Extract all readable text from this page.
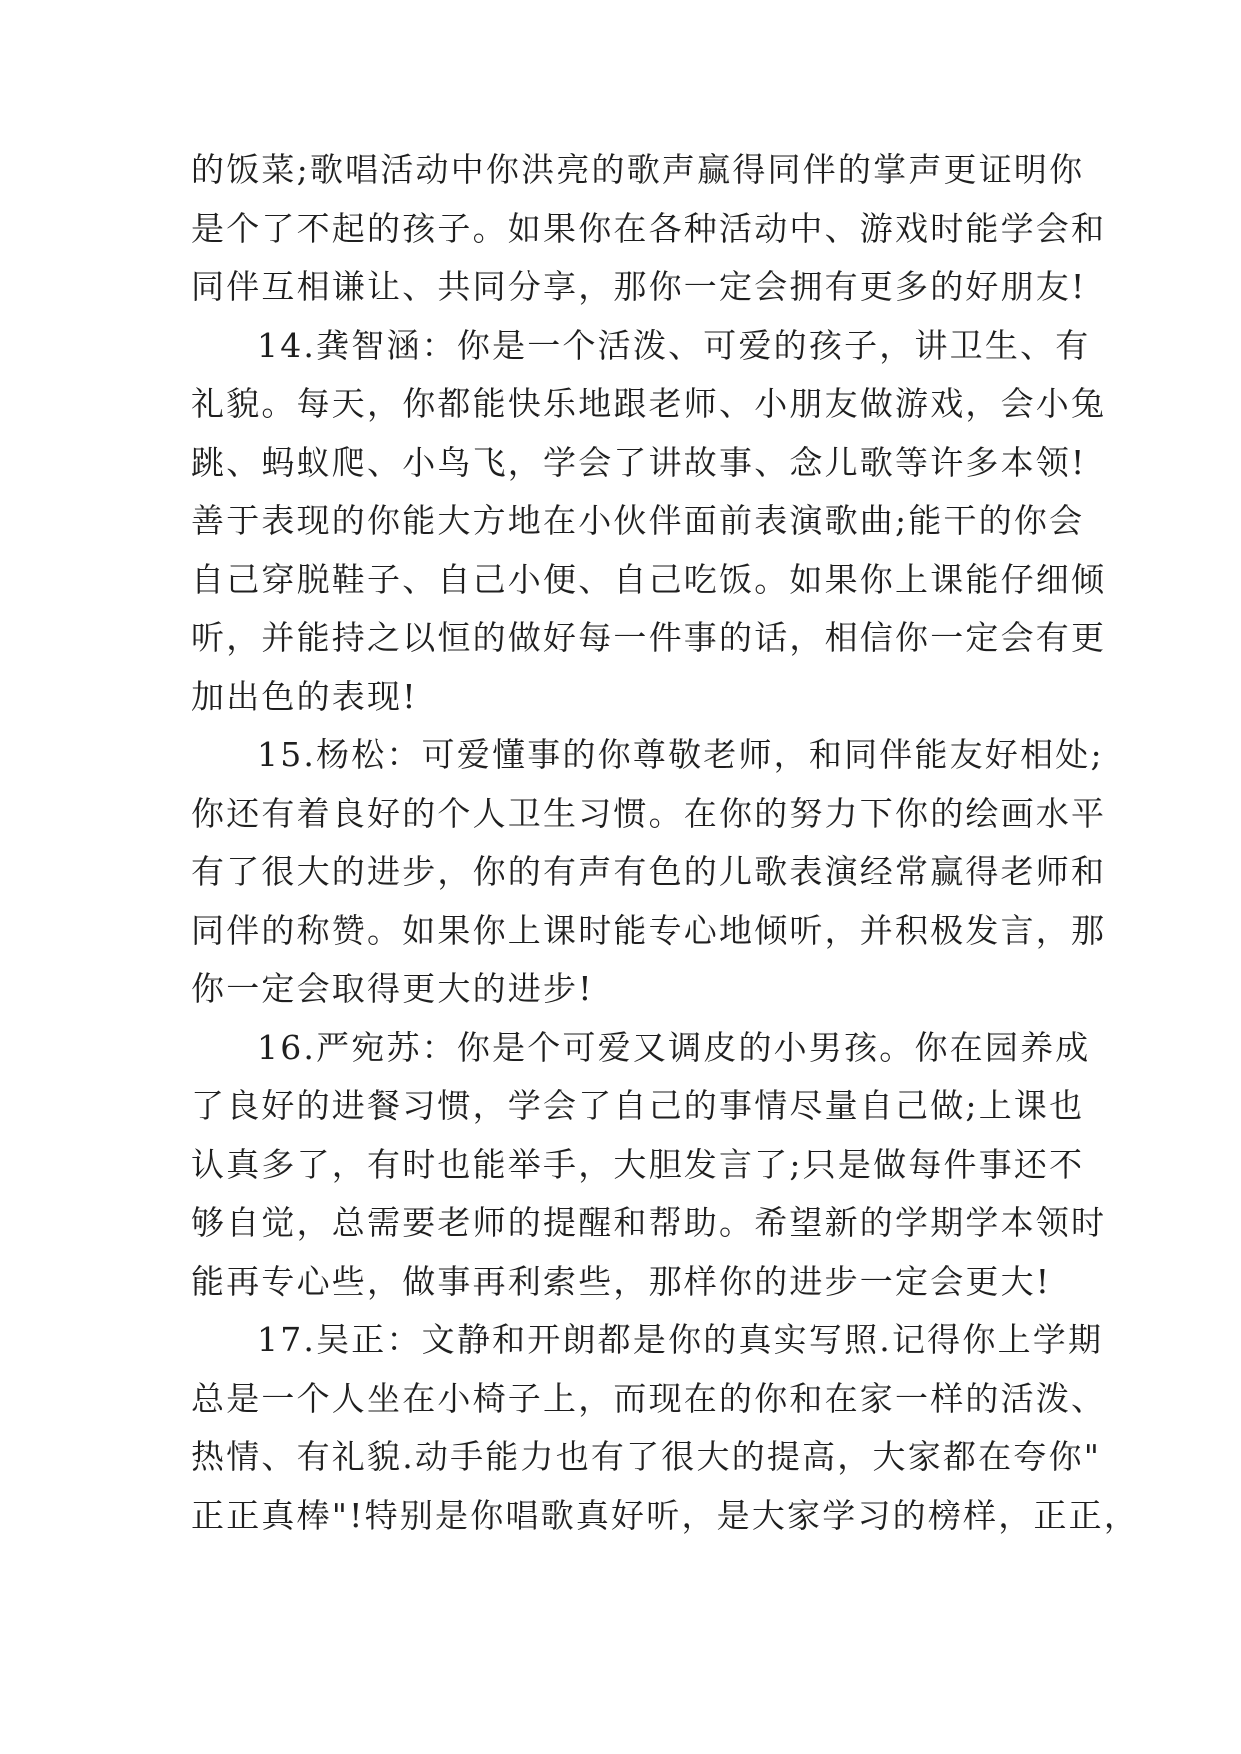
的饭菜;歌唱活动中你洪亮的歌声赢得同伴的掌声更证明你
是个了不起的孩子。如果你在各种活动中、游戏时能学会和
同伴互相谦让、共同分享，那你一定会拥有更多的好朋友!
14.龚智涵：你是一个活泼、可爱的孩子，讲卫生、有
礼貌。每天，你都能快乐地跟老师、小朋友做游戏，会小兔
跳、蚂蚁爬、小鸟飞，学会了讲故事、念儿歌等许多本领!
善于表现的你能大方地在小伙伴面前表演歌曲;能干的你会
自己穿脱鞋子、自己小便、自己吃饭。如果你上课能仔细倾
听，并能持之以恒的做好每一件事的话，相信你一定会有更
加出色的表现!
15.杨松：可爱懂事的你尊敬老师，和同伴能友好相处;
你还有着良好的个人卫生习惯。在你的努力下你的绘画水平
有了很大的进步，你的有声有色的儿歌表演经常赢得老师和
同伴的称赞。如果你上课时能专心地倾听，并积极发言，那
你一定会取得更大的进步!
16.严宛苏：你是个可爱又调皮的小男孩。你在园养成
了良好的进餐习惯，学会了自己的事情尽量自己做;上课也
认真多了，有时也能举手，大胆发言了;只是做每件事还不
够自觉，总需要老师的提醒和帮助。希望新的学期学本领时
能再专心些，做事再利索些，那样你的进步一定会更大!
17.吴正：文静和开朗都是你的真实写照.记得你上学期
总是一个人坐在小椅子上，而现在的你和在家一样的活泼、
热情、有礼貌.动手能力也有了很大的提高，大家都在夸你"
正正真棒"!特别是你唱歌真好听，是大家学习的榜样，正正，
